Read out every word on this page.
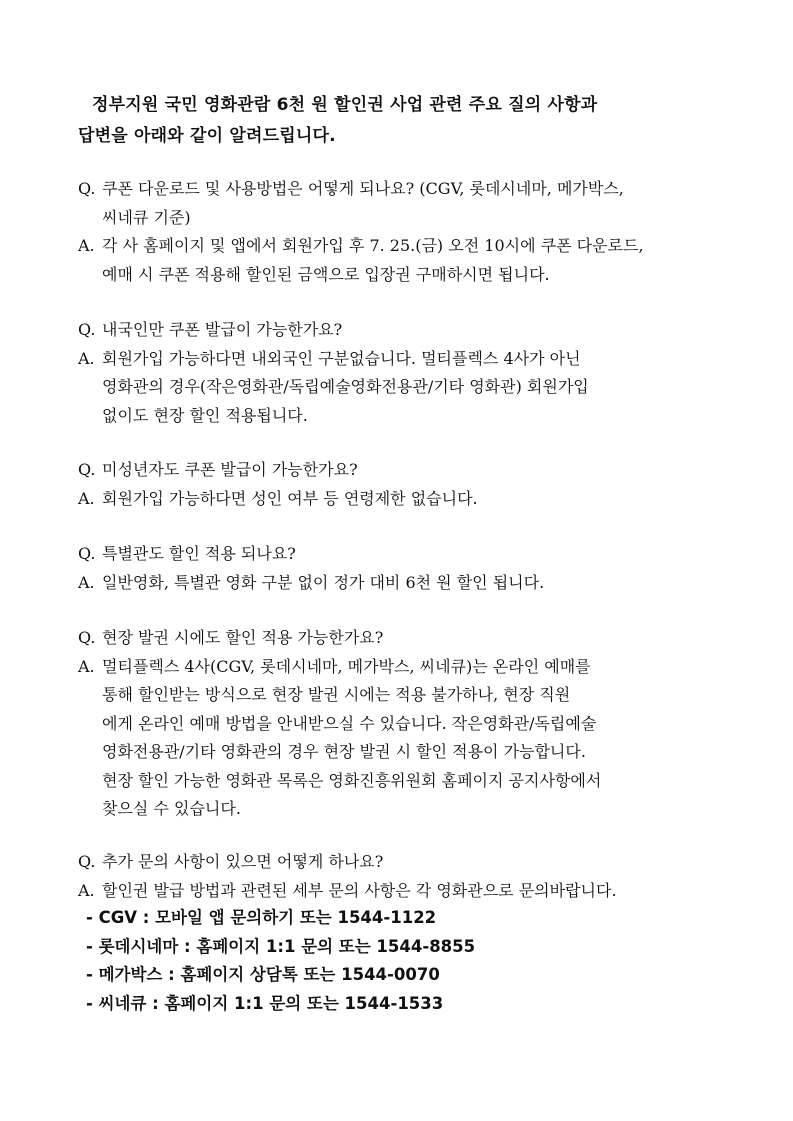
정부지원 국민 영화관람 6천 원 할인권 사업 관련 주요 질의 사항과
답변을 아래와 같이 알려드립니다.
Q. 쿠폰 다운로드 및 사용방법은 어떻게 되나요? (CGV, 롯데시네마, 메가박스,
씨네큐 기준)
A. 각 사 홈페이지 및 앱에서 회원가입 후 7. 25.(금) 오전 10시에 쿠폰 다운로드,
예매 시 쿠폰 적용해 할인된 금액으로 입장권 구매하시면 됩니다.
Q. 내국인만 쿠폰 발급이 가능한가요?
A. 회원가입 가능하다면 내외국인 구분없습니다. 멀티플렉스 4사가 아닌
영화관의 경우(작은영화관/독립예술영화전용관/기타 영화관) 회원가입
없이도 현장 할인 적용됩니다.
Q. 미성년자도 쿠폰 발급이 가능한가요?
A. 회원가입 가능하다면 성인 여부 등 연령제한 없습니다.
Q. 특별관도 할인 적용 되나요?
A. 일반영화, 특별관 영화 구분 없이 정가 대비 6천 원 할인 됩니다.
Q. 현장 발권 시에도 할인 적용 가능한가요?
A. 멀티플렉스 4사(CGV, 롯데시네마, 메가박스, 씨네큐)는 온라인 예매를
통해 할인받는 방식으로 현장 발권 시에는 적용 불가하나, 현장 직원
에게 온라인 예매 방법을 안내받으실 수 있습니다. 작은영화관/독립예술
영화전용관/기타 영화관의 경우 현장 발권 시 할인 적용이 가능합니다.
현장 할인 가능한 영화관 목록은 영화진흥위원회 홈페이지 공지사항에서
찾으실 수 있습니다.
Q. 추가 문의 사항이 있으면 어떻게 하나요?
A. 할인권 발급 방법과 관련된 세부 문의 사항은 각 영화관으로 문의바랍니다.
- CGV : 모바일 앱 문의하기 또는 1544-1122
- 롯데시네마 : 홈페이지 1:1 문의 또는 1544-8855
- 메가박스 : 홈페이지 상담톡 또는 1544-0070
- 씨네큐 : 홈페이지 1:1 문의 또는 1544-1533
